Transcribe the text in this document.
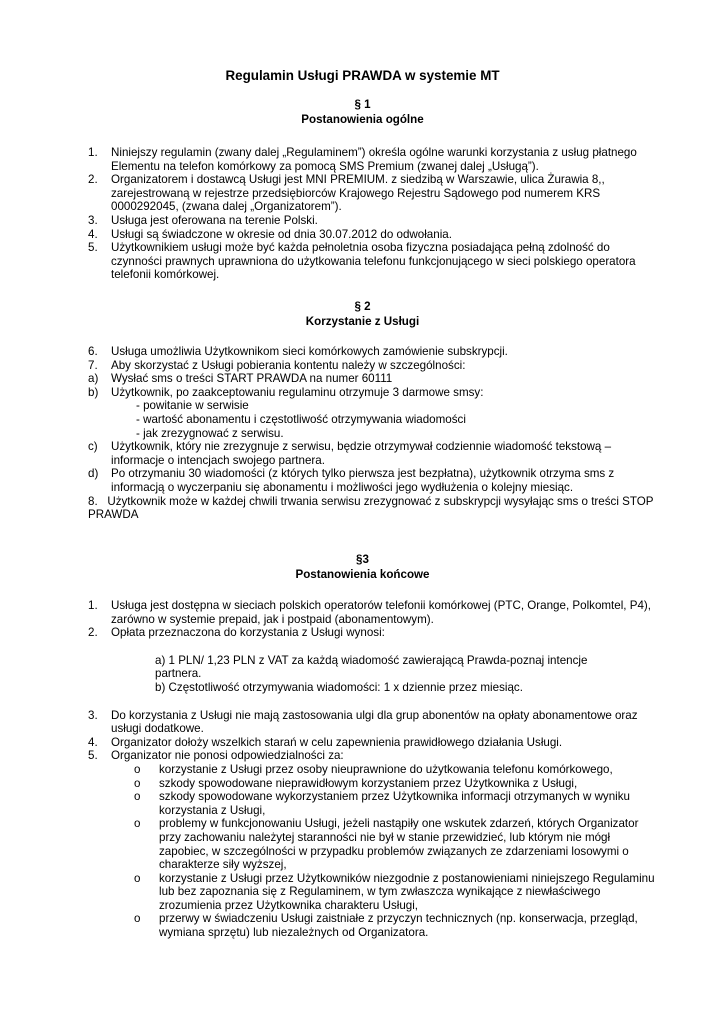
Regulamin Usługi PRAWDA w systemie MT
§ 1
Postanowienia ogólne
1.	Niniejszy regulamin (zwany dalej „Regulaminem”) określa ogólne warunki korzystania z usług płatnego Elementu na telefon komórkowy za pomocą SMS Premium (zwanej dalej „Usługą”).
2.	Organizatorem i dostawcą Usługi jest MNI PREMIUM. z siedzibą w Warszawie, ulica Żurawia 8,, zarejestrowaną w rejestrze przedsiębiorców Krajowego Rejestru Sądowego pod numerem KRS 0000292045, (zwana dalej „Organizatorem”).
3.	Usługa jest oferowana na terenie Polski.
4.	Usługi są świadczone w okresie od dnia 30.07.2012 do odwołania.
5.	Użytkownikiem usługi może być każda pełnoletnia osoba fizyczna posiadająca pełną zdolność do czynności prawnych uprawniona do użytkowania telefonu funkcjonującego w sieci polskiego operatora telefonii komórkowej.
§ 2
Korzystanie z Usługi
6.	Usługa umożliwia Użytkownikom sieci komórkowych zamówienie subskrypcji.
7.	Aby skorzystać z Usługi pobierania kontentu należy w szczególności:
a)	Wysłać sms o treści START PRAWDA na numer 60111
b)	Użytkownik, po zaakceptowaniu regulaminu otrzymuje 3 darmowe smsy:
- powitanie w serwisie
- wartość abonamentu i częstotliwość otrzymywania wiadomości
- jak zrezygnować z serwisu.
c)	Użytkownik, który nie zrezygnuje z serwisu, będzie otrzymywał codziennie wiadomość tekstową – informacje o intencjach swojego partnera.
d)	Po otrzymaniu 30 wiadomości (z których tylko pierwsza jest bezpłatna), użytkownik otrzyma sms z informacją o wyczerpaniu się abonamentu i możliwości jego wydłużenia o kolejny miesiąc.
8.   Użytkownik może w każdej chwili trwania serwisu zrezygnować z subskrypcji wysyłając sms o treści STOP PRAWDA
§3
Postanowienia końcowe
1.	Usługa jest dostępna w sieciach polskich operatorów telefonii komórkowej (PTC, Orange, Polkomtel, P4), zarówno w systemie prepaid, jak i postpaid (abonamentowym).
2.	Opłata przeznaczona do korzystania z Usługi wynosi:
a) 1 PLN/ 1,23 PLN z VAT za każdą wiadomość zawierającą Prawda-poznaj intencje partnera.
b) Częstotliwość otrzymywania wiadomości: 1 x dziennie przez miesiąc.
3.	Do korzystania z Usługi nie mają zastosowania ulgi dla grup abonentów na opłaty abonamentowe oraz usługi dodatkowe.
4.	Organizator dołoży wszelkich starań w celu zapewnienia prawidłowego działania Usługi.
5.	Organizator nie ponosi odpowiedzialności za:
o	korzystanie z Usługi przez osoby nieuprawnione do użytkowania telefonu komórkowego,
o	szkody spowodowane nieprawidłowym korzystaniem przez Użytkownika z Usługi,
o	szkody spowodowane wykorzystaniem przez Użytkownika informacji otrzymanych w wyniku korzystania z Usługi,
o	problemy w funkcjonowaniu Usługi, jeżeli nastąpiły one wskutek zdarzeń, których Organizator przy zachowaniu należytej staranności nie był w stanie przewidzieć, lub którym nie mógł zapobiec, w szczególności w przypadku problemów związanych ze zdarzeniami losowymi o charakterze siły wyższej,
o	korzystanie z Usługi przez Użytkowników niezgodnie z postanowieniami niniejszego Regulaminu lub bez zapoznania się z Regulaminem, w tym zwłaszcza wynikające z niewłaściwego zrozumienia przez Użytkownika charakteru Usługi,
o	przerwy w świadczeniu Usługi zaistniałe z przyczyn technicznych (np. konserwacja, przegląd, wymiana sprzętu) lub niezależnych od Organizatora.
